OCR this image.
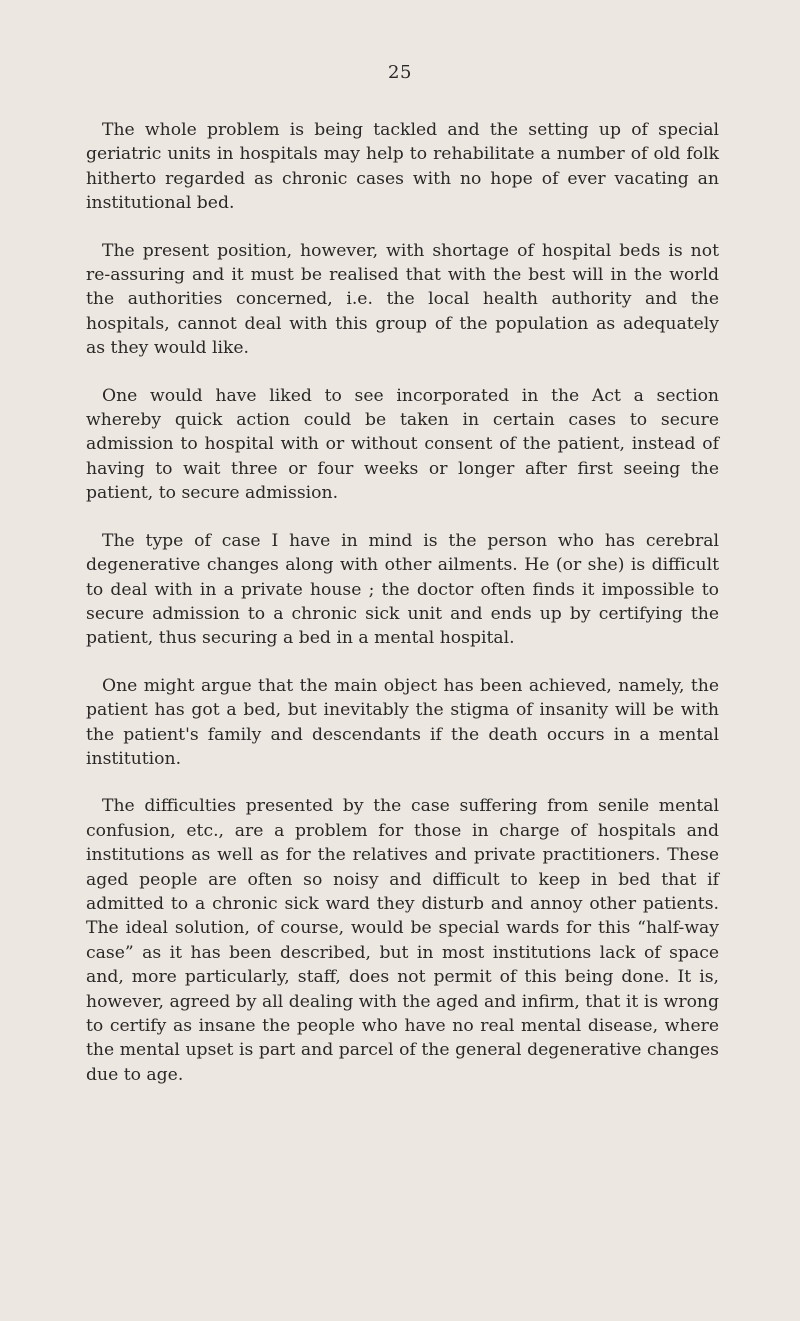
25

The whole problem is being tackled and the setting up of special geriatric units in hospitals may help to rehabilitate a number of old folk hitherto regarded as chronic cases with no hope of ever vacating an institutional bed.

The present position, however, with shortage of hospital beds is not re-assuring and it must be realised that with the best will in the world the authorities concerned, i.e. the local health authority and the hospitals, cannot deal with this group of the population as adequately as they would like.

One would have liked to see incorporated in the Act a section whereby quick action could be taken in certain cases to secure admission to hospital with or without consent of the patient, instead of having to wait three or four weeks or longer after first seeing the patient, to secure admission.

The type of case I have in mind is the person who has cerebral degenerative changes along with other ailments. He (or she) is difficult to deal with in a private house ; the doctor often finds it impossible to secure admission to a chronic sick unit and ends up by certifying the patient, thus securing a bed in a mental hospital.

One might argue that the main object has been achieved, namely, the patient has got a bed, but inevitably the stigma of insanity will be with the patient's family and descendants if the death occurs in a mental institution.

The difficulties presented by the case suffering from senile mental confusion, etc., are a problem for those in charge of hospitals and institutions as well as for the relatives and private practitioners. These aged people are often so noisy and difficult to keep in bed that if admitted to a chronic sick ward they disturb and annoy other patients. The ideal solution, of course, would be special wards for this “half-way case” as it has been described, but in most institutions lack of space and, more particularly, staff, does not permit of this being done. It is, however, agreed by all dealing with the aged and infirm, that it is wrong to certify as insane the people who have no real mental disease, where the mental upset is part and parcel of the general degenerative changes due to age.
